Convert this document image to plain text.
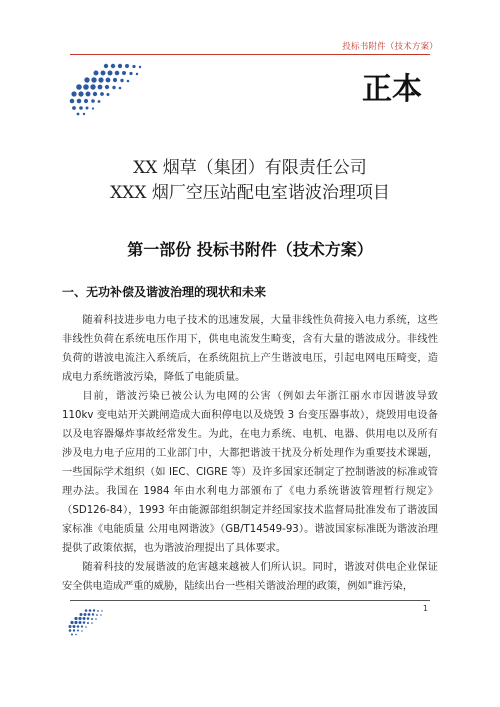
投标书附件（技术方案）
正本
XX 烟草（集团）有限责任公司
XXX 烟厂空压站配电室谐波治理项目
第一部份 投标书附件（技术方案）
一、无功补偿及谐波治理的现状和未来

随着科技进步电力电子技术的迅速发展，大量非线性负荷接入电力系统，这些非线性负荷在系统电压作用下，供电电流发生畸变，含有大量的谐波成分。非线性负荷的谐波电流注入系统后，在系统阻抗上产生谐波电压，引起电网电压畸变，造成电力系统谐波污染，降低了电能质量。

目前，谐波污染已被公认为电网的公害（例如去年浙江丽水市因谐波导致110kv 变电站开关跳闸造成大面积停电以及烧毁 3 台变压器事故），烧毁用电设备以及电容器爆炸事故经常发生。为此，在电力系统、电机、电器、供用电以及所有涉及电力电子应用的工业部门中，大都把谐波干扰及分析处理作为重要技术课题，一些国际学术组织（如 IEC、CIGRE 等）及许多国家还制定了控制谐波的标准或管理办法。我国在 1984 年由水利电力部颁布了《电力系统谐波管理暂行规定》（SD126-84），1993 年由能源部组织制定并经国家技术监督局批准发布了谐波国家标准《电能质量 公用电网谐波》（GB/T14549-93）。谐波国家标准既为谐波治理提供了政策依据，也为谐波治理提出了具体要求。

随着科技的发展谐波的危害越来越被人们所认识。同时，谐波对供电企业保证安全供电造成严重的威胁，陆续出台一些相关谐波治理的政策，例如"谁污染，

1
